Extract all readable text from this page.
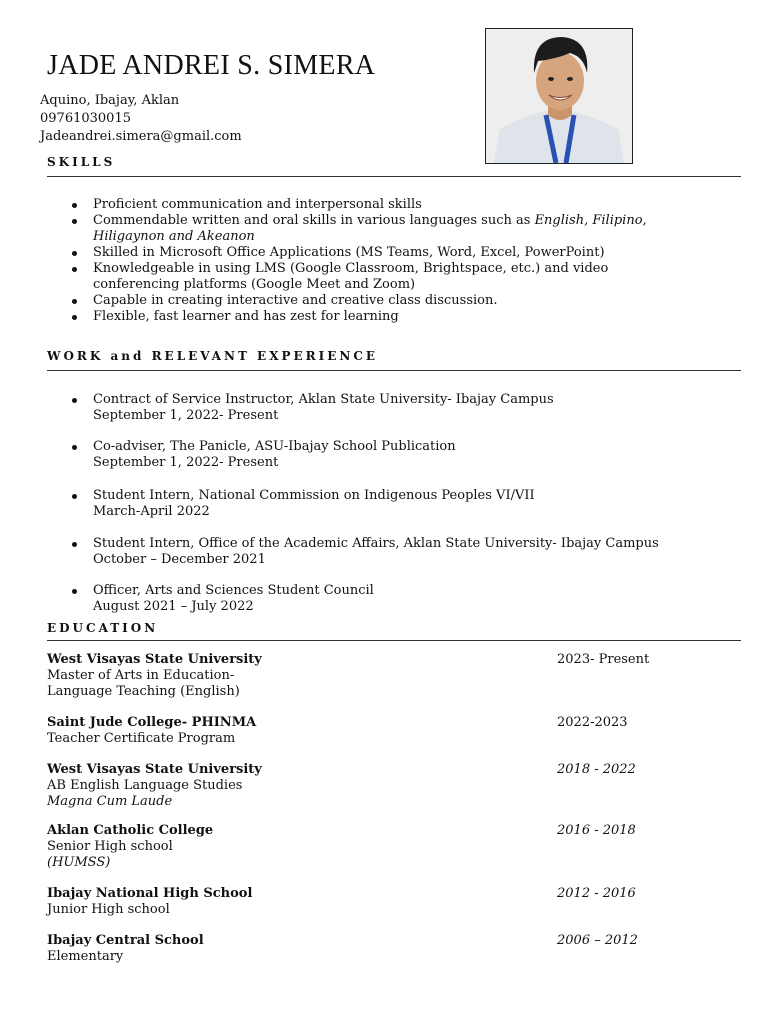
JADE ANDREI S. SIMERA
Aquino, Ibajay, Aklan
09761030015
Jadeandrei.simera@gmail.com
SKILLS
Proficient communication and interpersonal skills
Commendable written and oral skills in various languages such as English, Filipino, Hiligaynon and Akeanon
Skilled in Microsoft Office Applications (MS Teams, Word, Excel, PowerPoint)
Knowledgeable in using LMS (Google Classroom, Brightspace, etc.) and video conferencing platforms (Google Meet and Zoom)
Capable in creating interactive and creative class discussion.
Flexible, fast learner and has zest for learning
WORK and RELEVANT EXPERIENCE
Contract of Service Instructor, Aklan State University- Ibajay Campus
September 1, 2022- Present
Co-adviser, The Panicle, ASU-Ibajay School Publication
September 1, 2022- Present
Student Intern, National Commission on Indigenous Peoples VI/VII
March-April 2022
Student Intern, Office of the Academic Affairs, Aklan State University- Ibajay Campus
October – December 2021
Officer, Arts and Sciences Student Council
August 2021 – July 2022
EDUCATION
West Visayas State University	2023- Present
Master of Arts in Education-
Language Teaching (English)
Saint Jude College- PHINMA	2022-2023
Teacher Certificate Program
West Visayas State University	2018 - 2022
AB English Language Studies
Magna Cum Laude
Aklan Catholic College	2016 - 2018
Senior High school
(HUMSS)
Ibajay National High School	2012 - 2016
Junior High school
Ibajay Central School	2006 – 2012
Elementary
